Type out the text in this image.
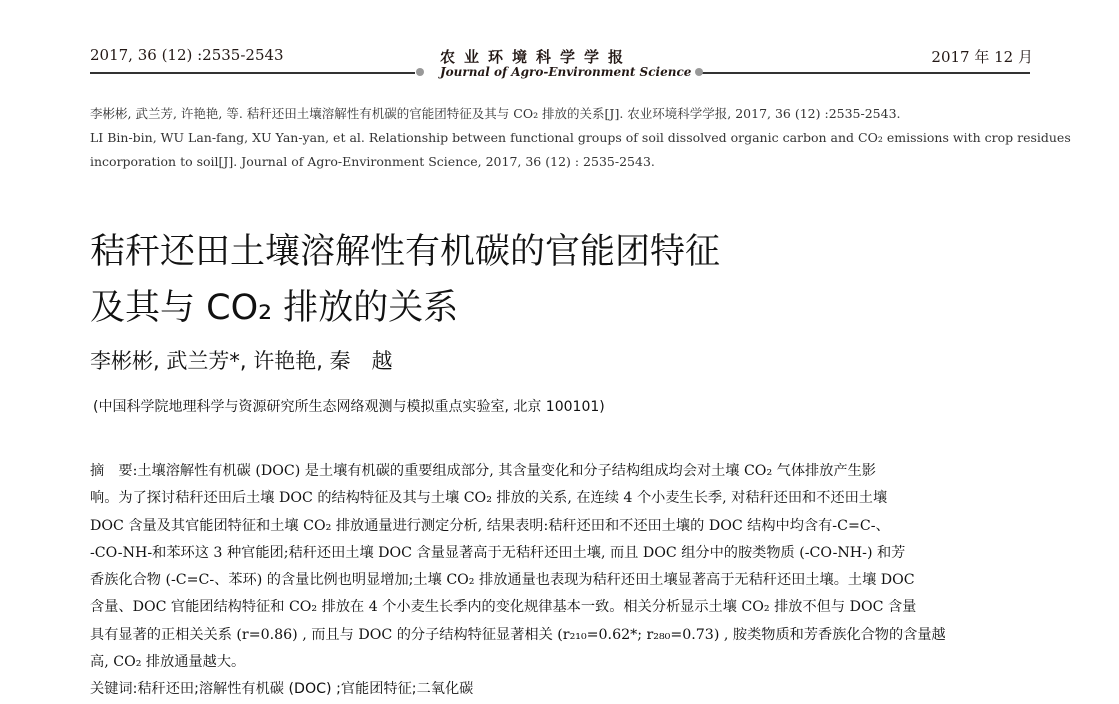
2017, 36 (12) :2535-2543	农业环境科学学报
Journal of Agro-Environment Science
2017 年 12 月
李彬彬, 武兰芳, 许艳艳, 等. 秸秆还田土壤溶解性有机碳的官能团特征及其与 CO₂ 排放的关系[J]. 农业环境科学学报, 2017, 36 (12) :2535-2543.
LI Bin-bin, WU Lan-fang, XU Yan-yan, et al. Relationship between functional groups of soil dissolved organic carbon and CO₂ emissions with crop residues
incorporation to soil[J]. Journal of Agro-Environment Science, 2017, 36 (12) : 2535-2543.
秸秆还田土壤溶解性有机碳的官能团特征
及其与 CO₂ 排放的关系
李彬彬, 武兰芳*, 许艳艳, 秦　越
(中国科学院地理科学与资源研究所生态网络观测与模拟重点实验室, 北京 100101)

摘　要:土壤溶解性有机碳 (DOC) 是土壤有机碳的重要组成部分, 其含量变化和分子结构组成均会对土壤 CO₂ 气体排放产生影

响。为了探讨秸秆还田后土壤 DOC 的结构特征及其与土壤 CO₂ 排放的关系, 在连续 4 个小麦生长季, 对秸秆还田和不还田土壤

DOC 含量及其官能团特征和土壤 CO₂ 排放通量进行测定分析, 结果表明:秸秆还田和不还田土壤的 DOC 结构中均含有-C=C-、

-CO-NH-和苯环这 3 种官能团;秸秆还田土壤 DOC 含量显著高于无秸秆还田土壤, 而且 DOC 组分中的胺类物质 (-CO-NH-) 和芳

香族化合物 (-C=C-、苯环) 的含量比例也明显增加;土壤 CO₂ 排放通量也表现为秸秆还田土壤显著高于无秸秆还田土壤。土壤 DOC

含量、DOC 官能团结构特征和 CO₂ 排放在 4 个小麦生长季内的变化规律基本一致。相关分析显示土壤 CO₂ 排放不但与 DOC 含量

具有显著的正相关关系 (r=0.86) , 而且与 DOC 的分子结构特征显著相关 (r₂₁₀=0.62*; r₂₈₀=0.73) , 胺类物质和芳香族化合物的含量越

高, CO₂ 排放通量越大。

关键词:秸秆还田;溶解性有机碳 (DOC) ;官能团特征;二氧化碳
